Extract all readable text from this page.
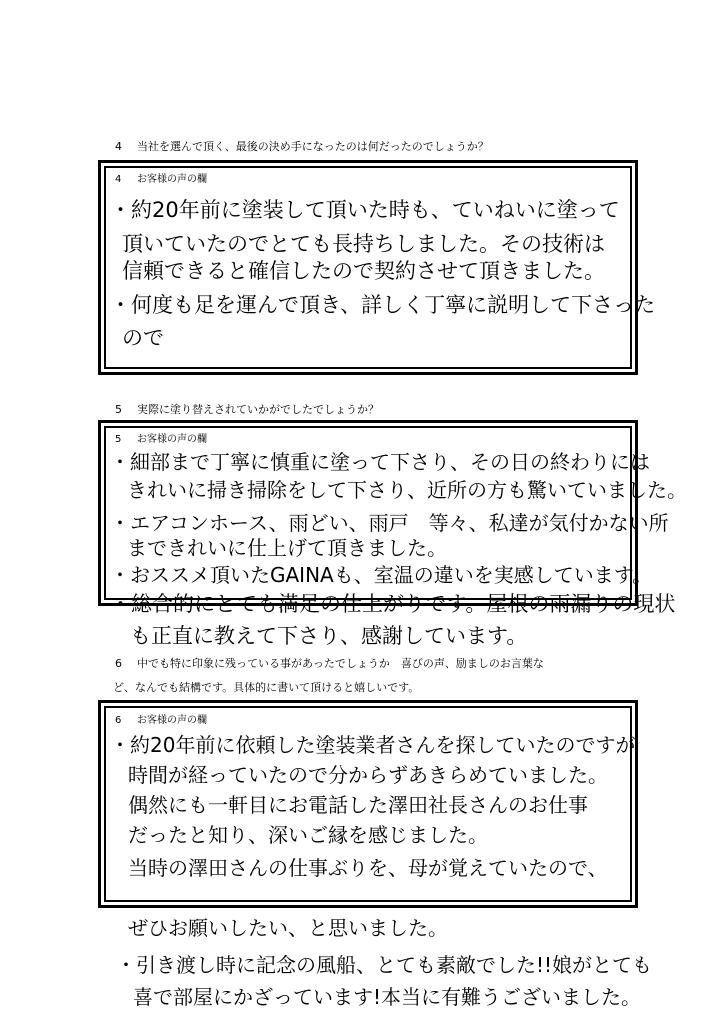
4 当社を選んで頂く、最後の決め手になったのは何だったのでしょうか？
4 お客様の声の欄
・約20年前に塗装して頂いた時も、ていねいに塗って
頂いていたのでとても長持ちしました。その技術は
信頼できると確信したので契約させて頂きました。
・何度も足を運んで頂き、詳しく丁寧に説明して下さった
ので
5 実際に塗り替えされていかがでしたでしょうか？
5 お客様の声の欄
・細部まで丁寧に慎重に塗って下さり、その日の終わりには
きれいに掃き掃除をして下さり、近所の方も驚いていました。
・エアコンホース、雨どい、雨戸　等々、私達が気付かない所
まできれいに仕上げて頂きました。
・おススメ頂いたGAINAも、室温の違いを実感しています。
・総合的にとても満足の仕上がりです。屋根の雨漏りの現状
も正直に教えて下さり、感謝しています。
6 中でも特に印象に残っている事があったでしょうか　喜びの声、励ましのお言葉な
ど、なんでも結構です。具体的に書いて頂けると嬉しいです。
6 お客様の声の欄
・約20年前に依頼した塗装業者さんを探していたのですが
時間が経っていたので分からずあきらめていました。
偶然にも一軒目にお電話した澤田社長さんのお仕事
だったと知り、深いご縁を感じました。
当時の澤田さんの仕事ぶりを、母が覚えていたので、
ぜひお願いしたい、と思いました。
・引き渡し時に記念の風船、とても素敵でした!!娘がとても
喜で部屋にかざっています!本当に有難うございました。
